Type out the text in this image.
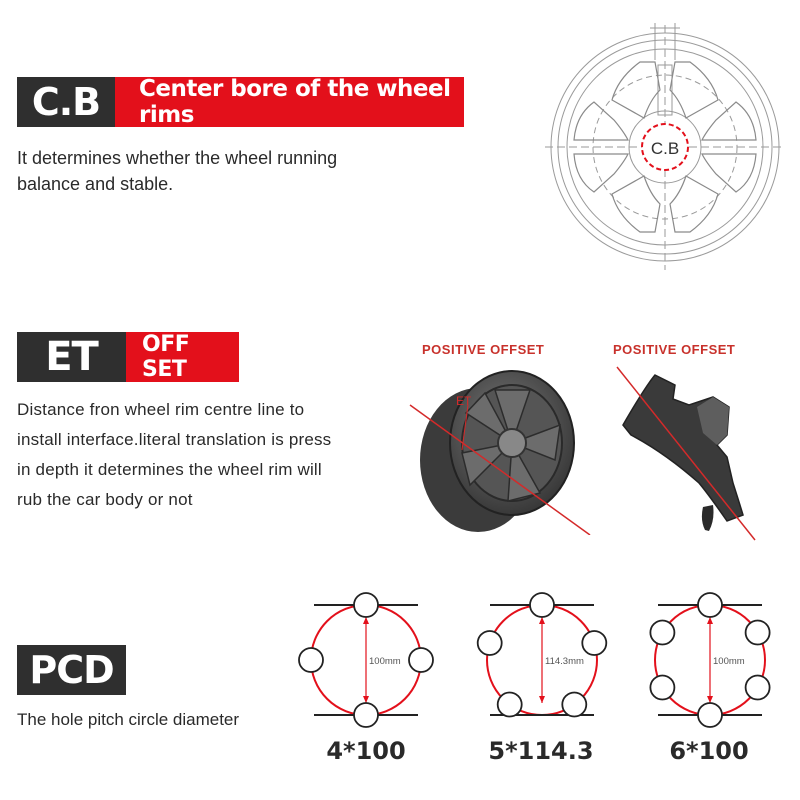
C.B	Center bore of the wheel rims
It determines whether the wheel running
balance and stable.
C.B
ET	OFF SET
Distance fron wheel rim centre line to
install interface.literal translation is press
in depth it determines the wheel rim will
rub the car body or not
POSITIVE OFFSET
ET
POSITIVE OFFSET
PCD
The hole pitch circle diameter
100mm	114.3mm	100mm
4*100	5*114.3	6*100
